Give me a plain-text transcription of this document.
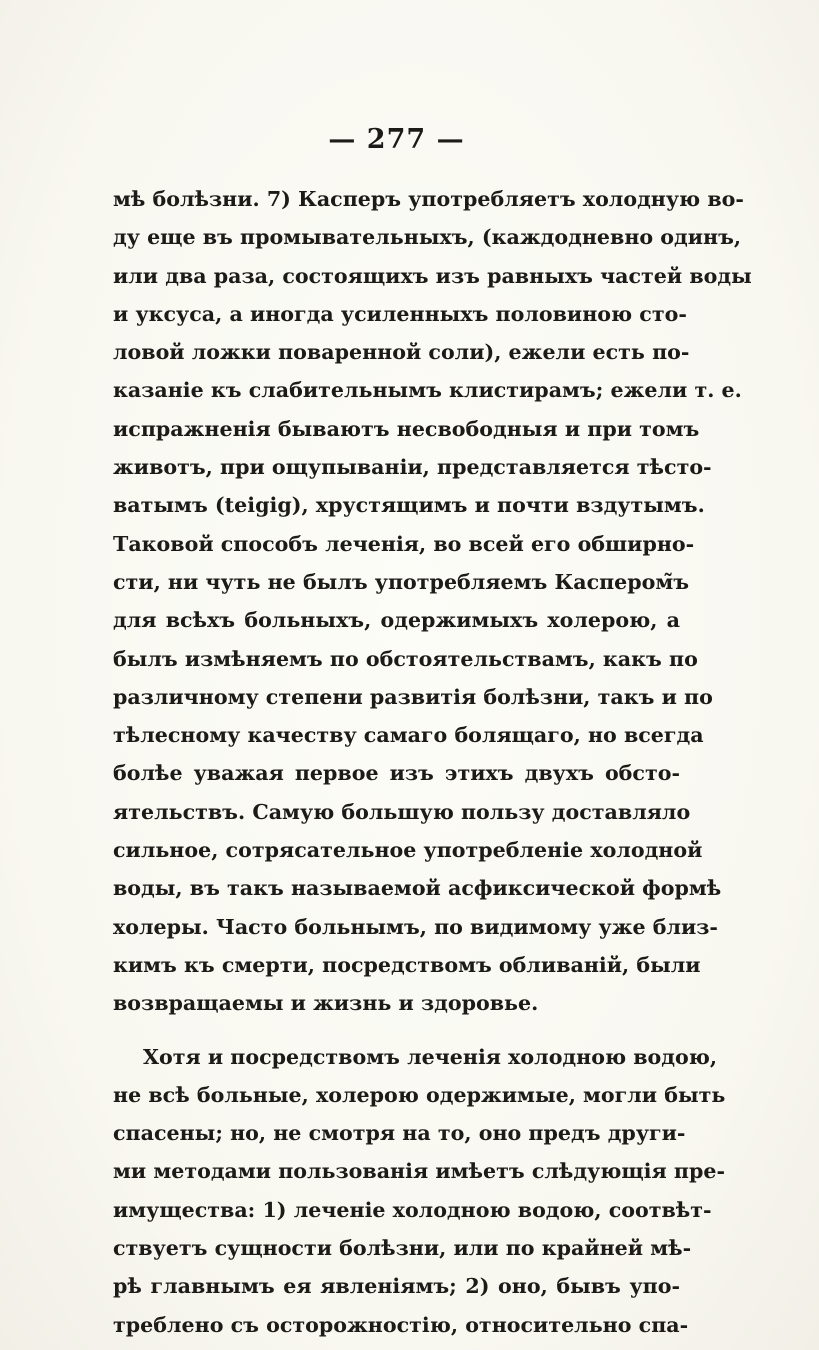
— 277 —
мѣ болѣзни. 7) Касперъ употребляетъ холодную во-
ду еще въ промывательныхъ, (каждодневно одинъ,
или два раза, состоящихъ изъ равныхъ частей воды
и уксуса, а иногда усиленныхъ половиною сто-
ловой ложки поваренной соли), ежели есть по-
казаніе къ слабительнымъ клистирамъ; ежели т. е.
испражненія бываютъ несвободныя и при томъ
животъ, при ощупываніи, представляется тѣсто-
ватымъ (teigig), хрустящимъ и почти вздутымъ.
Таковой способъ леченія, во всей его обширно-
сти, ни чуть не былъ употребляемъ Каспером̃ъ
для всѣхъ больныхъ, одержимыхъ холерою, а
былъ измѣняемъ по обстоятельствамъ, какъ по
различному степени развитія болѣзни, такъ и по
тѣлесному качеству самаго болящаго, но всегда
болѣе уважая первое изъ этихъ двухъ обсто-
ятельствъ. Самую большую пользу доставляло
сильное, сотрясательное употребленіе холодной
воды, въ такъ называемой асфиксической формѣ
холеры. Часто больнымъ, по видимому уже близ-
кимъ къ смерти, посредствомъ обливаній, были
возвращаемы и жизнь и здоровье.
Хотя и посредствомъ леченія холодною водою,
не всѣ больные, холерою одержимые, могли быть
спасены; но, не смотря на то, оно предъ други-
ми методами пользованія имѣетъ слѣдующія пре-
имущества: 1) леченіе холодною водою, соотвѣт-
ствуетъ сущности болѣзни, или по крайней мѣ-
рѣ главнымъ ея явленіямъ; 2) оно, бывъ упо-
треблено съ осторожностію, относительно спа-
